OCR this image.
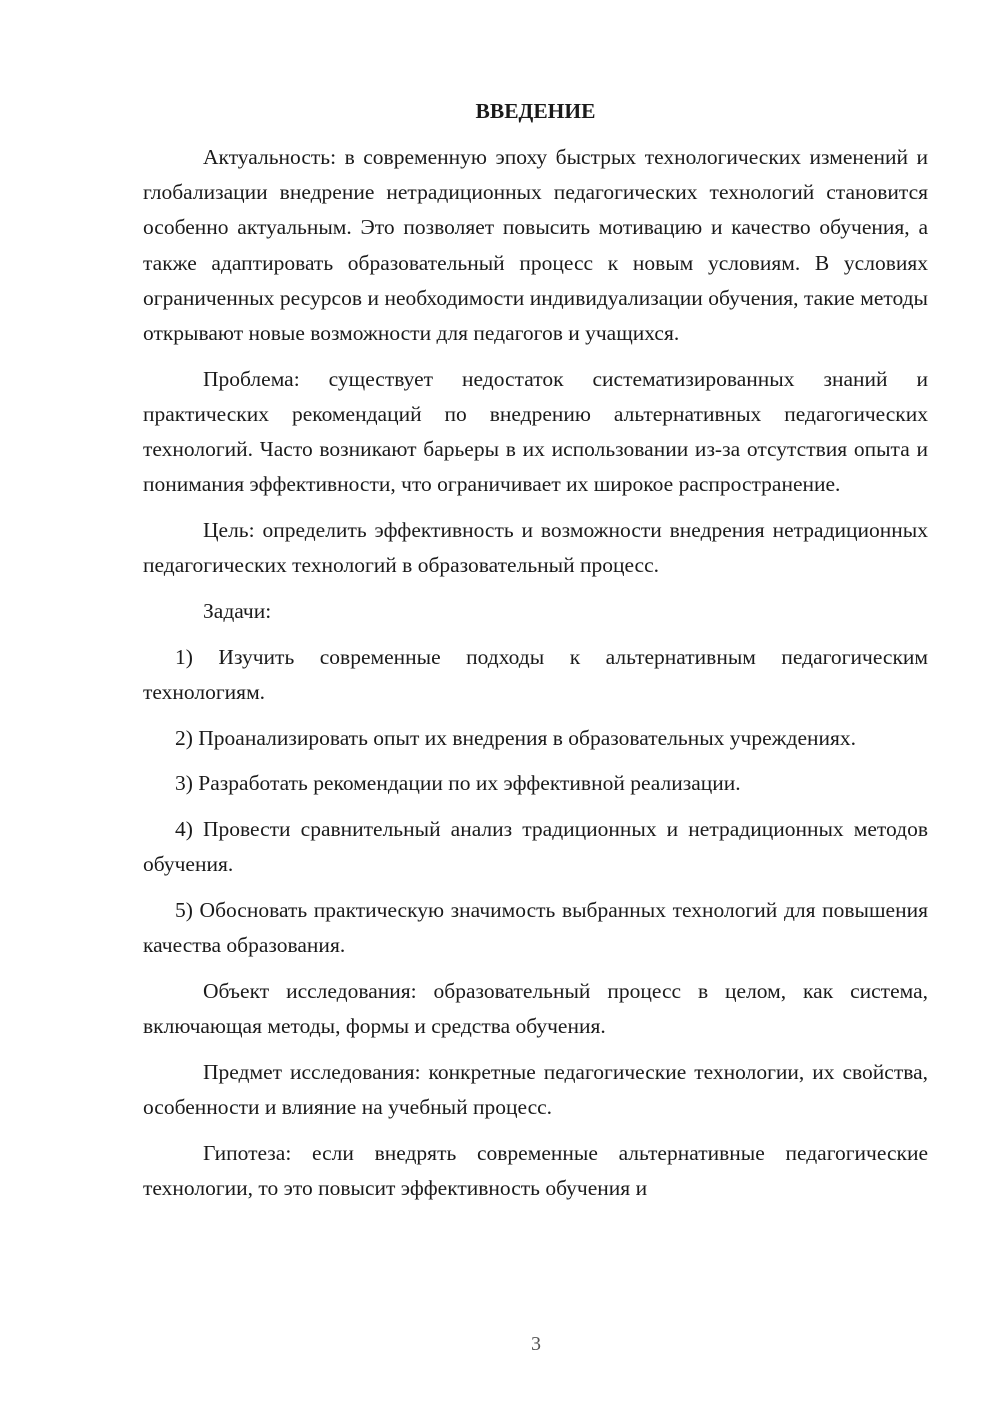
ВВЕДЕНИЕ

Актуальность: в современную эпоху быстрых технологических изменений и глобализации внедрение нетрадиционных педагогических технологий становится особенно актуальным. Это позволяет повысить мотивацию и качество обучения, а также адаптировать образовательный процесс к новым условиям. В условиях ограниченных ресурсов и необходимости индивидуализации обучения, такие методы открывают новые возможности для педагогов и учащихся.

Проблема: существует недостаток систематизированных знаний и практических рекомендаций по внедрению альтернативных педагогических технологий. Часто возникают барьеры в их использовании из-за отсутствия опыта и понимания эффективности, что ограничивает их широкое распространение.

Цель: определить эффективность и возможности внедрения нетрадиционных педагогических технологий в образовательный процесс.

Задачи:

1) Изучить современные подходы к альтернативным педагогическим технологиям.

2) Проанализировать опыт их внедрения в образовательных учреждениях.

3) Разработать рекомендации по их эффективной реализации.

4) Провести сравнительный анализ традиционных и нетрадиционных методов обучения.

5) Обосновать практическую значимость выбранных технологий для повышения качества образования.

Объект исследования: образовательный процесс в целом, как система, включающая методы, формы и средства обучения.

Предмет исследования: конкретные педагогические технологии, их свойства, особенности и влияние на учебный процесс.

Гипотеза: если внедрять современные альтернативные педагогические технологии, то это повысит эффективность обучения и

3
